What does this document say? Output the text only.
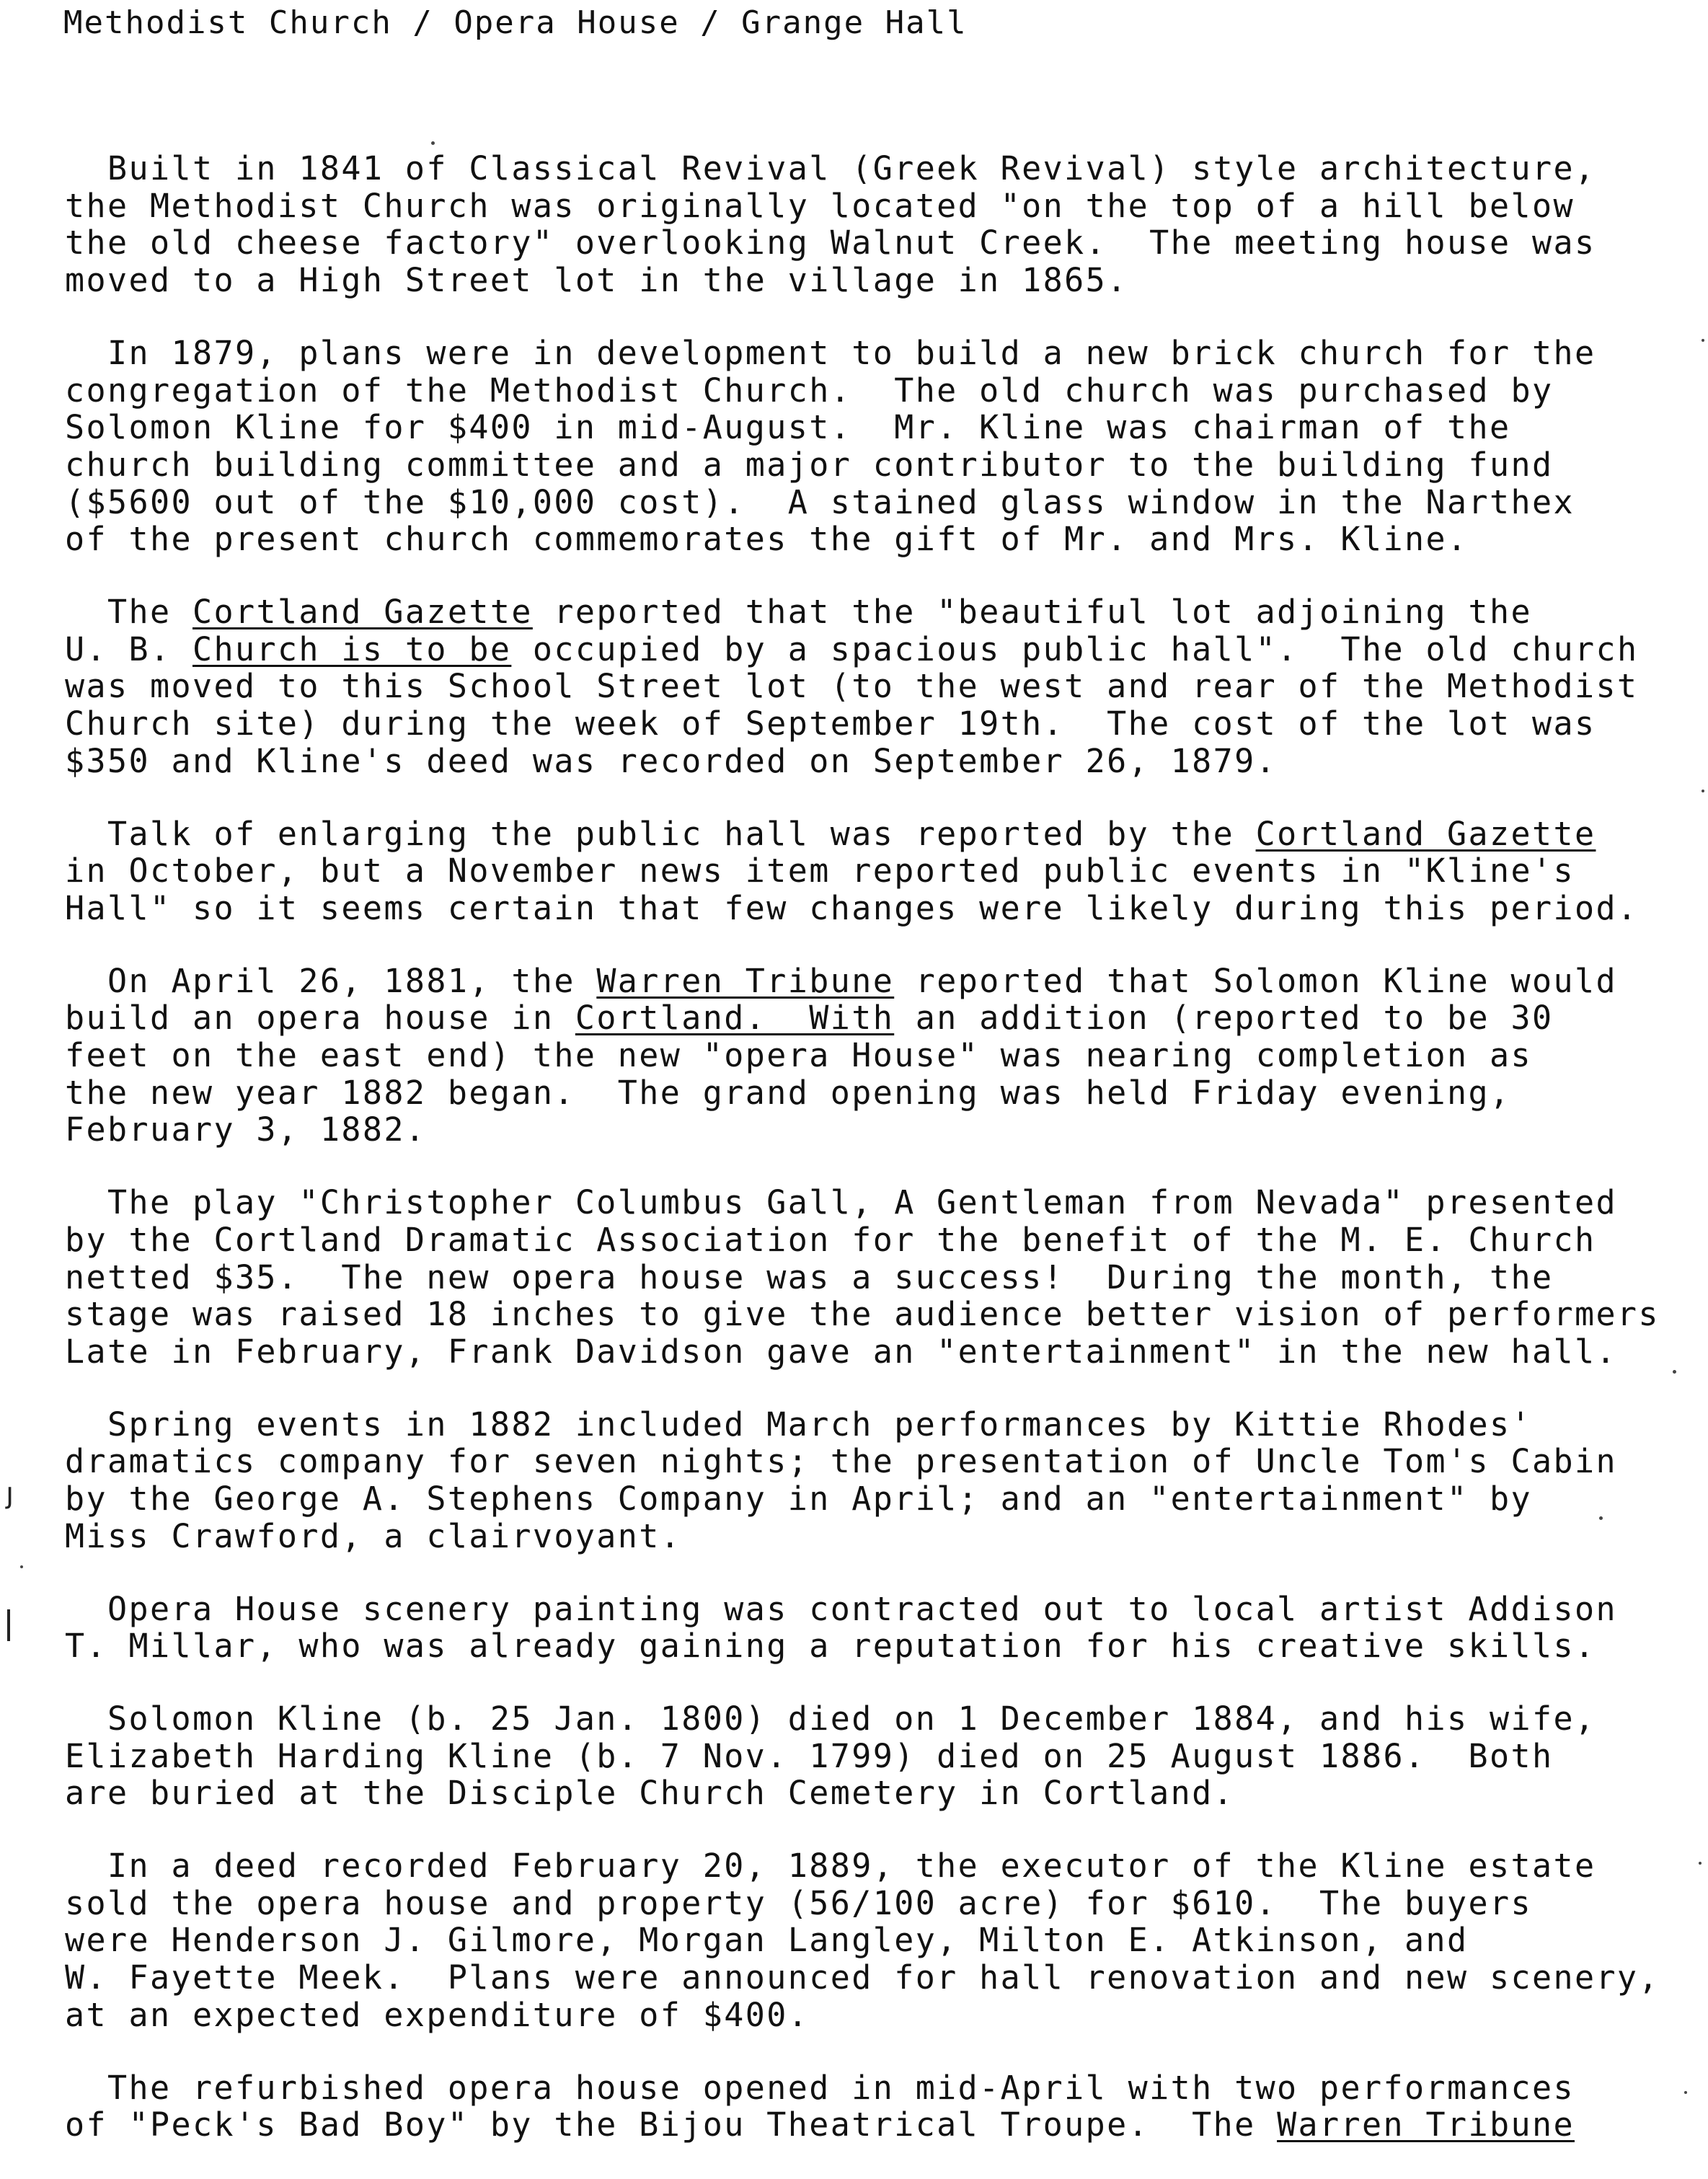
Methodist Church / Opera House / Grange Hall
Built in 1841 of Classical Revival (Greek Revival) style architecture,
the Methodist Church was originally located "on the top of a hill below
the old cheese factory" overlooking Walnut Creek.  The meeting house was
moved to a High Street lot in the village in 1865.
In 1879, plans were in development to build a new brick church for the
congregation of the Methodist Church.  The old church was purchased by
Solomon Kline for $400 in mid-August.  Mr. Kline was chairman of the
church building committee and a major contributor to the building fund
($5600 out of the $10,000 cost).  A stained glass window in the Narthex
of the present church commemorates the gift of Mr. and Mrs. Kline.
The Cortland Gazette reported that the "beautiful lot adjoining the
U. B. Church is to be occupied by a spacious public hall".  The old church
was moved to this School Street lot (to the west and rear of the Methodist
Church site) during the week of September 19th.  The cost of the lot was
$350 and Kline's deed was recorded on September 26, 1879.
Talk of enlarging the public hall was reported by the Cortland Gazette
in October, but a November news item reported public events in "Kline's
Hall" so it seems certain that few changes were likely during this period.
On April 26, 1881, the Warren Tribune reported that Solomon Kline would
build an opera house in Cortland.  With an addition (reported to be 30
feet on the east end) the new "opera House" was nearing completion as
the new year 1882 began.  The grand opening was held Friday evening,
February 3, 1882.
The play "Christopher Columbus Gall, A Gentleman from Nevada" presented
by the Cortland Dramatic Association for the benefit of the M. E. Church
netted $35.  The new opera house was a success!  During the month, the
stage was raised 18 inches to give the audience better vision of performers
Late in February, Frank Davidson gave an "entertainment" in the new hall.
Spring events in 1882 included March performances by Kittie Rhodes'
dramatics company for seven nights; the presentation of Uncle Tom's Cabin
by the George A. Stephens Company in April; and an "entertainment" by
Miss Crawford, a clairvoyant.
Opera House scenery painting was contracted out to local artist Addison
T. Millar, who was already gaining a reputation for his creative skills.
Solomon Kline (b. 25 Jan. 1800) died on 1 December 1884, and his wife,
Elizabeth Harding Kline (b. 7 Nov. 1799) died on 25 August 1886.  Both
are buried at the Disciple Church Cemetery in Cortland.
In a deed recorded February 20, 1889, the executor of the Kline estate
sold the opera house and property (56/100 acre) for $610.  The buyers
were Henderson J. Gilmore, Morgan Langley, Milton E. Atkinson, and
W. Fayette Meek.  Plans were announced for hall renovation and new scenery,
at an expected expenditure of $400.
The refurbished opera house opened in mid-April with two performances
of "Peck's Bad Boy" by the Bijou Theatrical Troupe.  The Warren Tribune
ȷ
